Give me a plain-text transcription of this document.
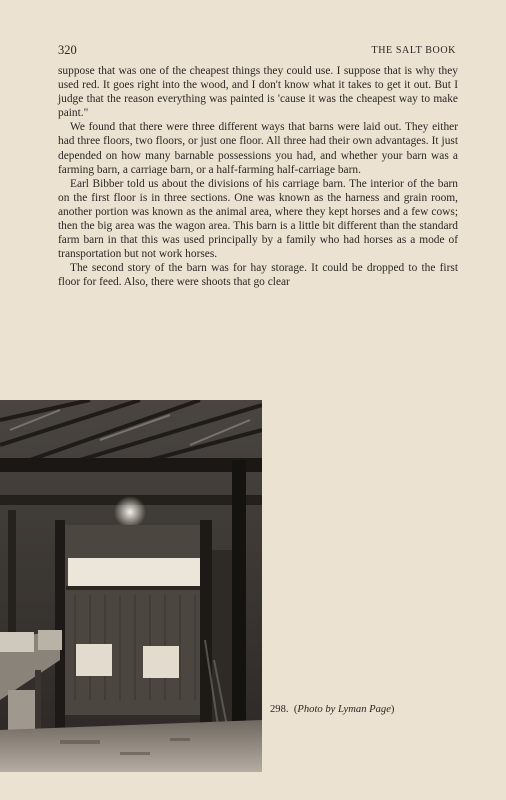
320	THE SALT BOOK

suppose that was one of the cheapest things they could use. I suppose that is why they used red. It goes right into the wood, and I don't know what it takes to get it out. But I judge that the reason everything was painted is 'cause it was the cheapest way to make paint."

We found that there were three different ways that barns were laid out. They either had three floors, two floors, or just one floor. All three had their own advantages. It just depended on how many barnable possessions you had, and whether your barn was a farming barn, a carriage barn, or a half-farming half-carriage barn.

Earl Bibber told us about the divisions of his carriage barn. The interior of the barn on the first floor is in three sections. One was known as the harness and grain room, another portion was known as the animal area, where they kept horses and a few cows; then the big area was the wagon area. This barn is a little bit different than the standard farm barn in that this was used principally by a family who had horses as a mode of transportation but not work horses.

The second story of the barn was for hay storage. It could be dropped to the first floor for feed. Also, there were shoots that go clear

298. (Photo by Lyman Page)
